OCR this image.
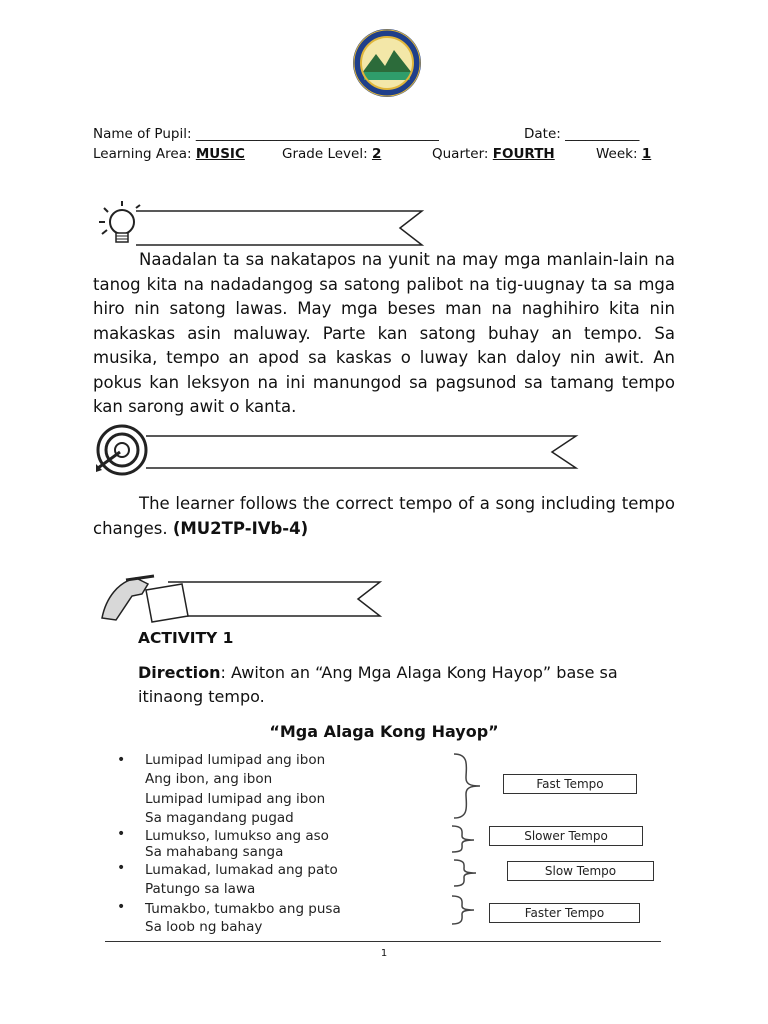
Name of Pupil: ____________________________________	Date: ___________
Learning Area: MUSIC	Grade Level: 2	Quarter: FOURTH	Week: 1
Naadalan ta sa nakatapos na yunit na may mga manlain-lain na tanog kita na nadadangog sa satong palibot na tig-uugnay ta sa mga hiro nin satong lawas. May mga beses man na naghihiro kita nin makaskas asin maluway. Parte kan satong buhay an tempo. Sa musika, tempo an apod sa kaskas o luway kan daloy nin awit. An pokus kan leksyon na ini manungod sa pagsunod sa tamang tempo kan sarong awit o kanta.
The learner follows the correct tempo of a song including tempo changes. (MU2TP-IVb-4)
ACTIVITY 1
Direction: Awiton an “Ang Mga Alaga Kong Hayop” base sa itinaong tempo.
“Mga Alaga Kong Hayop”
•
•
•
•
Lumipad lumipad ang ibon
Ang ibon, ang ibon
Lumipad lumipad ang ibon
Sa magandang pugad
Lumukso, lumukso ang aso
Sa mahabang sanga
Lumakad, lumakad ang pato
Patungo sa lawa
Tumakbo, tumakbo ang pusa
Sa loob ng bahay
Fast Tempo
Slower Tempo
Slow Tempo
Faster Tempo
1
